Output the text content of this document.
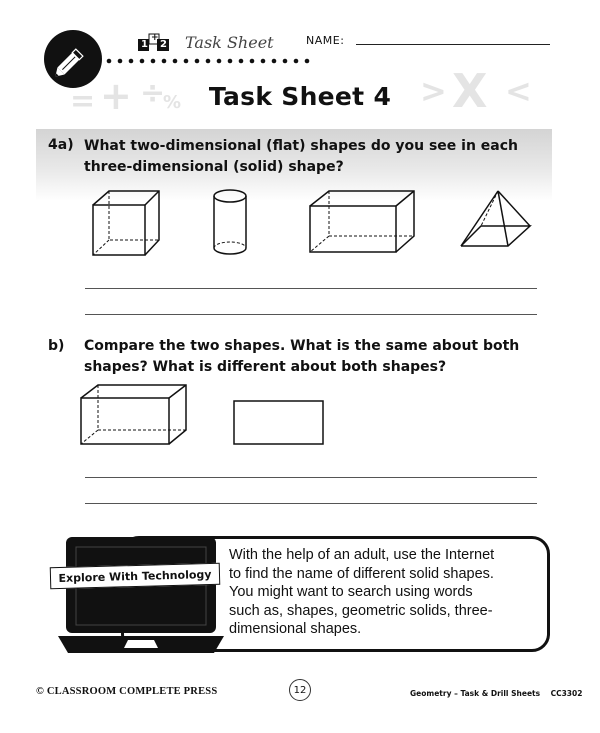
1
+
2 Task Sheet	NAME:
= + ÷
%	> X <
Task Sheet 4
4a) What two-dimensional (flat) shapes do you see in each
three-dimensional (solid) shape?
b) Compare the two shapes. What is the same about both
shapes? What is different about both shapes?
Explore With Technology
With the help of an adult, use the Internet
to find the name of different solid shapes.
You might want to search using words
such as, shapes, geometric solids, three-
dimensional shapes.
© CLASSROOM COMPLETE PRESS	12	Geometry – Task & Drill Sheets CC3302
